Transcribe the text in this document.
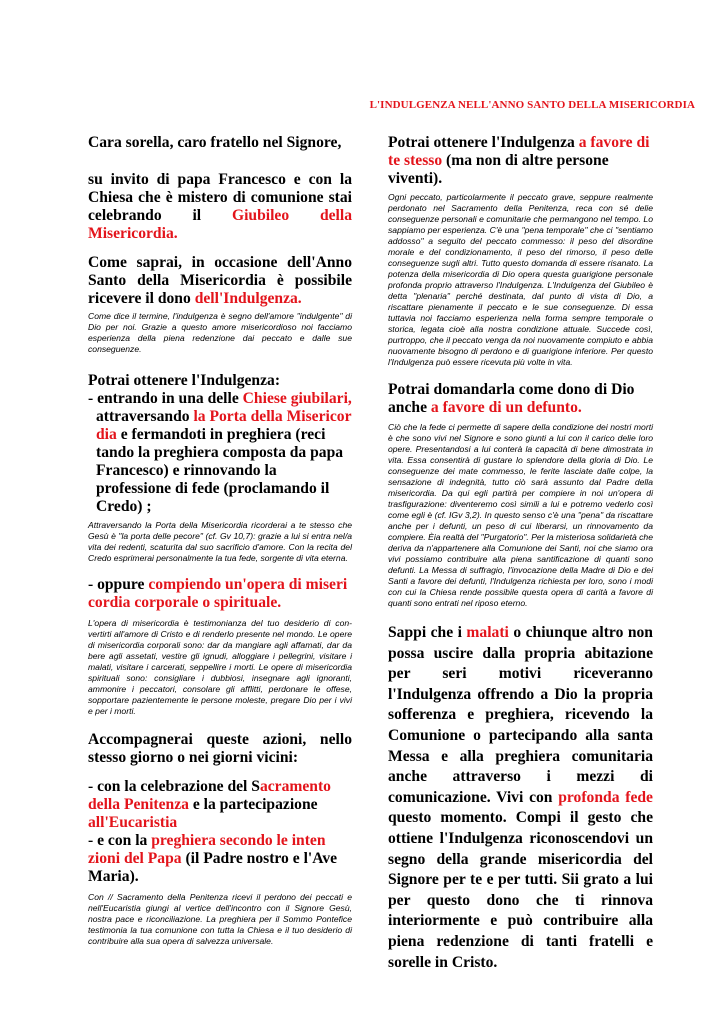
L'INDULGENZA NELL'ANNO SANTO DELLA MISERICORDIA

Cara sorella, caro fratello nel Signore,

su invito di papa Francesco e con la Chiesa che è mistero di comunione stai celebrando il Giubileo della Misericordia.

Come saprai, in occasione dell'Anno Santo della Misericordia è possibile ricevere il dono dell'Indulgenza.

Come dice il termine, l'indulgenza è segno dell'amore "indulgente" di Dio per noi. Grazie a questo amore misericordioso noi facciamo esperienza della piena redenzione dai peccato e dalle sue conseguenze.

Potrai ottenere l'Indulgenza:

- entrando in una delle Chiese giubilari,

attraversando la Porta della Misericor dia e fermandoti in preghiera (reci tando la preghiera composta da papa Francesco) e rinnovando la professione di fede (proclamando il Credo) ;

Attraversando la Porta della Misericordia ricorderai a te stesso che Gesù è "la porta delle pecore" (cf. Gv 10,7): grazie a lui si entra nel/a vita dei redenti, scaturita dal suo sacrificio d'amore. Con la recita del Credo esprimerai personalmente la tua fede, sorgente di vita eterna.

- oppure compiendo un'opera di miseri cordia corporale o spirituale.

L'opera di misericordia è testimonianza del tuo desiderio di con-vertirti all'amore di Cristo e di renderlo presente nel mondo. Le opere di misericordia corporali sono: dar da mangiare agli affamati, dar da bere agli assetati, vestire gli ignudi, alloggiare i pellegrini, visitare i malati, visitare i carcerati, seppellire i morti. Le opere di misericordia spirituali sono: consigliare i dubbiosi, insegnare agli ignoranti, ammonire i peccatori, consolare gli afflitti, perdonare le offese, sopportare pazientemente le persone moleste, pregare Dio per i vivi e per i morti.

Accompagnerai queste azioni, nello stesso giorno o nei giorni vicini:

- con la celebrazione del Sacramento della Penitenza e la partecipazione all'Eucaristia

- e con la preghiera secondo le inten zioni del Papa (il Padre nostro e l'Ave Maria).

Con // Sacramento della Penitenza ricevi il perdono dei peccati e nell'Eucaristia giungi al vertice dell'incontro con il Signore Gesù, nostra pace e riconciliazione. La preghiera per il Sommo Pontefice testimonia la tua comunione con tutta la Chiesa e il tuo desiderio di contribuire alla sua opera di salvezza universale.

Potrai ottenere l'Indulgenza a favore di te stesso (ma non di altre persone viventi).

Ogni peccato, particolarmente il peccato grave, seppure realmente perdonato nel Sacramento della Penitenza, reca con sé delie conseguenze personali e comunitarie che permangono nel tempo. Lo sappiamo per esperienza. C'è una "pena temporale" che ci "sentiamo addosso" a seguito del peccato commesso: il peso del disordine morale e del condizionamento, il peso del rimorso, il peso delle conseguenze sugli altri. Tutto questo domanda di essere risanato. La potenza della misericordia di Dio opera questa guarigione personale profonda proprio attraverso l'Indulgenza. L'Indulgenza del Giubileo è detta "plenaria" perché destinata, dal punto di vista di Dio, a riscattare pienamente il peccato e le sue conseguenze. Di essa tuttavia noi facciamo esperienza nella forma sempre temporale o storica, legata cioè alla nostra condizione attuale. Succede così, purtroppo, che il peccato venga da noi nuovamente compiuto e abbia nuovamente bisogno di perdono e di guarigione inferiore. Per questo l'Indulgenza può essere ricevuta più volte in vita.

Potrai domandarla come dono di Dio anche a favore di un defunto.

Ciò che la fede ci permette di sapere della condizione dei nostri morti è che sono vivi nel Signore e sono giunti a lui con il carico delie loro opere. Presentandosi a lui conterà la capacità di bene dimostrata in vita. Essa consentirà di gustare lo splendore della gloria di Dio. Le conseguenze dei mate commesso, le ferite lasciate dalle colpe, la sensazione di indegnità, tutto ciò sarà assunto dal Padre della misericordia. Da qui egli partirà per compiere in noi un'opera di trasfigurazione: diventeremo così simili a lui e potremo vederlo così come egli è (cf. IGv 3,2). In questo senso c'è una "pena" da riscattare anche per i defunti, un peso di cui liberarsi, un rinnovamento da compiere. Èia realtà del "Purgatorio". Per la misteriosa solidarietà che deriva da n'appartenere alla Comunione dei Santi, noi che siamo ora vivi possiamo contribuire alla piena santificazione di quanti sono defunti. La Messa di suffragio, l'invocazione della Madre di Dio e dei Santi a favore dei defunti, l'Indulgenza richiesta per loro, sono i modi con cui la Chiesa rende possibile questa opera di carità a favore di quanti sono entrati nel riposo eterno.

Sappi che i malati o chiunque altro non possa uscire dalla propria abitazione per seri motivi riceveranno l'Indulgenza offrendo a Dio la propria sofferenza e preghiera, ricevendo la Comunione o partecipando alla santa Messa e alla preghiera comunitaria anche attraverso i mezzi di comunicazione. Vivi con profonda fede questo momento. Compi il gesto che ottiene l'Indulgenza riconoscendovi un segno della grande misericordia del Signore per te e per tutti. Sii grato a lui per questo dono che ti rinnova interiormente e può contribuire alla piena redenzione di tanti fratelli e sorelle in Cristo.
